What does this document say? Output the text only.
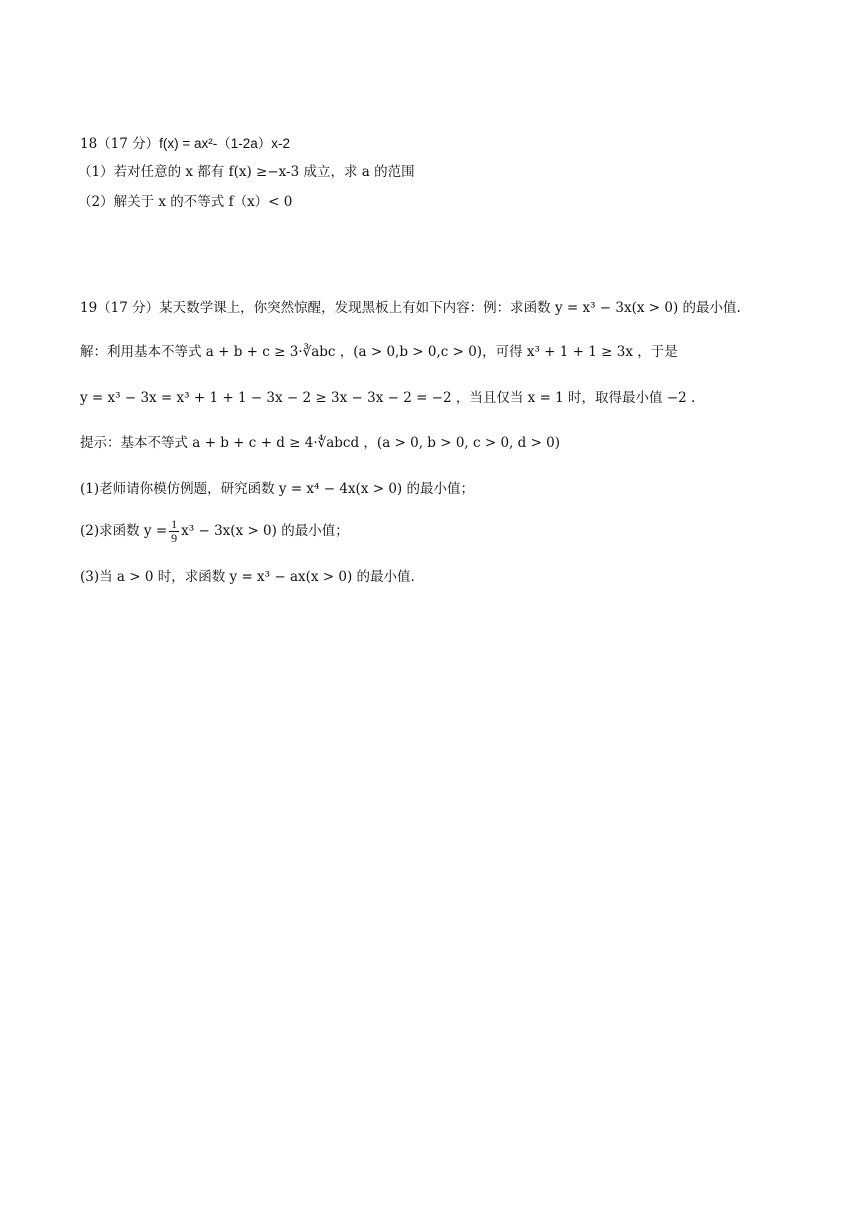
18（17 分）f(x) = ax²-（1-2a）x-2
（1）若对任意的 x 都有 f(x) ≥−x-3 成立，求 a 的范围
（2）解关于 x 的不等式 f（x）< 0
19（17 分）某天数学课上，你突然惊醒，发现黑板上有如下内容：例：求函数 y = x³ − 3x(x > 0) 的最小值.
解：利用基本不等式 a + b + c ≥ 3·∛abc ，(a > 0,b > 0,c > 0)，可得 x³ + 1 + 1 ≥ 3x ，于是
y = x³ − 3x = x³ + 1 + 1 − 3x − 2 ≥ 3x − 3x − 2 = −2 ，当且仅当 x = 1 时，取得最小值 −2 .
提示：基本不等式 a + b + c + d ≥ 4·∜abcd ，(a > 0, b > 0, c > 0, d > 0)
(1)老师请你模仿例题，研究函数 y = x⁴ − 4x(x > 0) 的最小值；
(2)求函数 $y = \frac{1}{9} x^3 - 3x(x > 0)$ 的最小值；
(3)当 a > 0 时，求函数 y = x³ − ax(x > 0) 的最小值.
